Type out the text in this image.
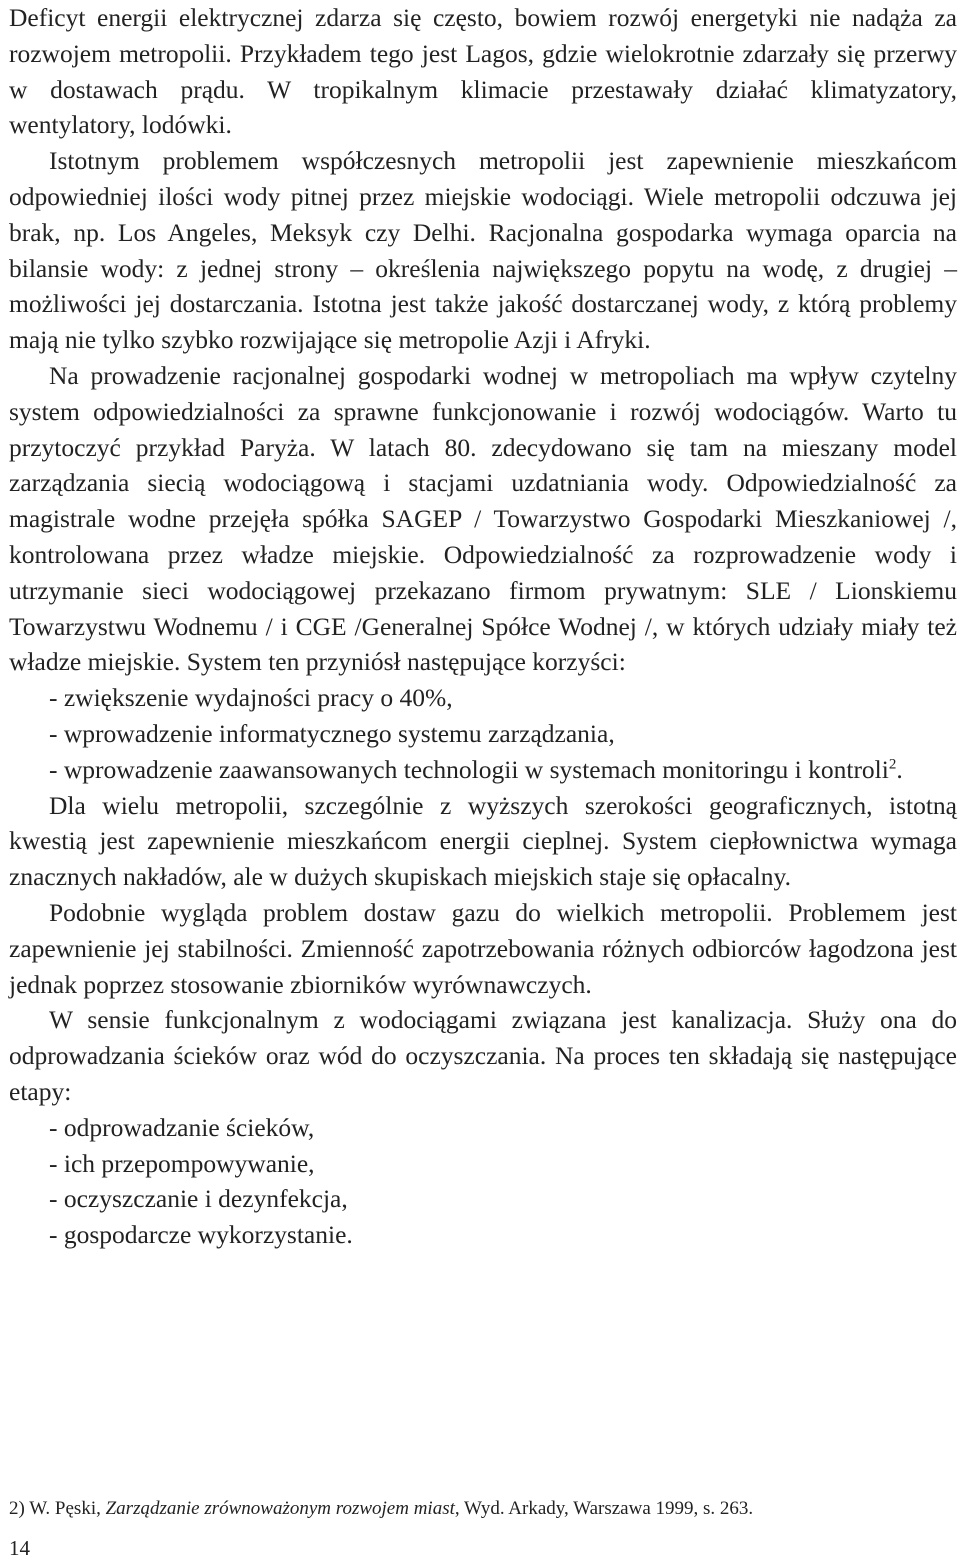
Deficyt energii elektrycznej zdarza się często, bowiem rozwój energetyki nie nadąża za rozwojem metropolii. Przykładem tego jest Lagos, gdzie wielokrotnie zdarzały się przerwy w dostawach prądu. W tropikalnym klimacie przestawały działać klimatyzatory, wentylatory, lodówki.

Istotnym problemem współczesnych metropolii jest zapewnienie mieszkańcom odpowiedniej ilości wody pitnej przez miejskie wodociągi. Wiele metropolii odczuwa jej brak, np. Los Angeles, Meksyk czy Delhi. Racjonalna gospodarka wymaga oparcia na bilansie wody: z jednej strony – określenia największego popytu na wodę, z drugiej – możliwości jej dostarczania. Istotna jest także jakość dostarczanej wody, z którą problemy mają nie tylko szybko rozwijające się metropolie Azji i Afryki.

Na prowadzenie racjonalnej gospodarki wodnej w metropoliach ma wpływ czytelny system odpowiedzialności za sprawne funkcjonowanie i rozwój wodociągów. Warto tu przytoczyć przykład Paryża. W latach 80. zdecydowano się tam na mieszany model zarządzania siecią wodociągową i stacjami uzdatniania wody. Odpowiedzialność za magistrale wodne przejęła spółka SAGEP / Towarzystwo Gospodarki Mieszkaniowej /, kontrolowana przez władze miejskie. Odpowiedzialność za rozprowadzenie wody i utrzymanie sieci wodociągowej przekazano firmom prywatnym: SLE / Lionskiemu Towarzystwu Wodnemu / i CGE /Generalnej Spółce Wodnej /, w których udziały miały też władze miejskie. System ten przyniósł następujące korzyści:

- zwiększenie wydajności pracy o 40%,

- wprowadzenie informatycznego systemu zarządzania,

- wprowadzenie zaawansowanych technologii w systemach monitoringu i kontroli$^2$.

Dla wielu metropolii, szczególnie z wyższych szerokości geograficznych, istotną kwestią jest zapewnienie mieszkańcom energii cieplnej. System ciepłownictwa wymaga znacznych nakładów, ale w dużych skupiskach miejskich staje się opłacalny.

Podobnie wygląda problem dostaw gazu do wielkich metropolii. Problemem jest zapewnienie jej stabilności. Zmienność zapotrzebowania różnych odbiorców łagodzona jest jednak poprzez stosowanie zbiorników wyrównawczych.

W sensie funkcjonalnym z wodociągami związana jest kanalizacja. Służy ona do odprowadzania ścieków oraz wód do oczyszczania. Na proces ten składają się następujące etapy:

- odprowadzanie ścieków,

- ich przepompowywanie,

- oczyszczanie i dezynfekcja,

- gospodarcze wykorzystanie.

2) W. Pęski, Zarządzanie zrównoważonym rozwojem miast, Wyd. Arkady, Warszawa 1999, s. 263.
14
